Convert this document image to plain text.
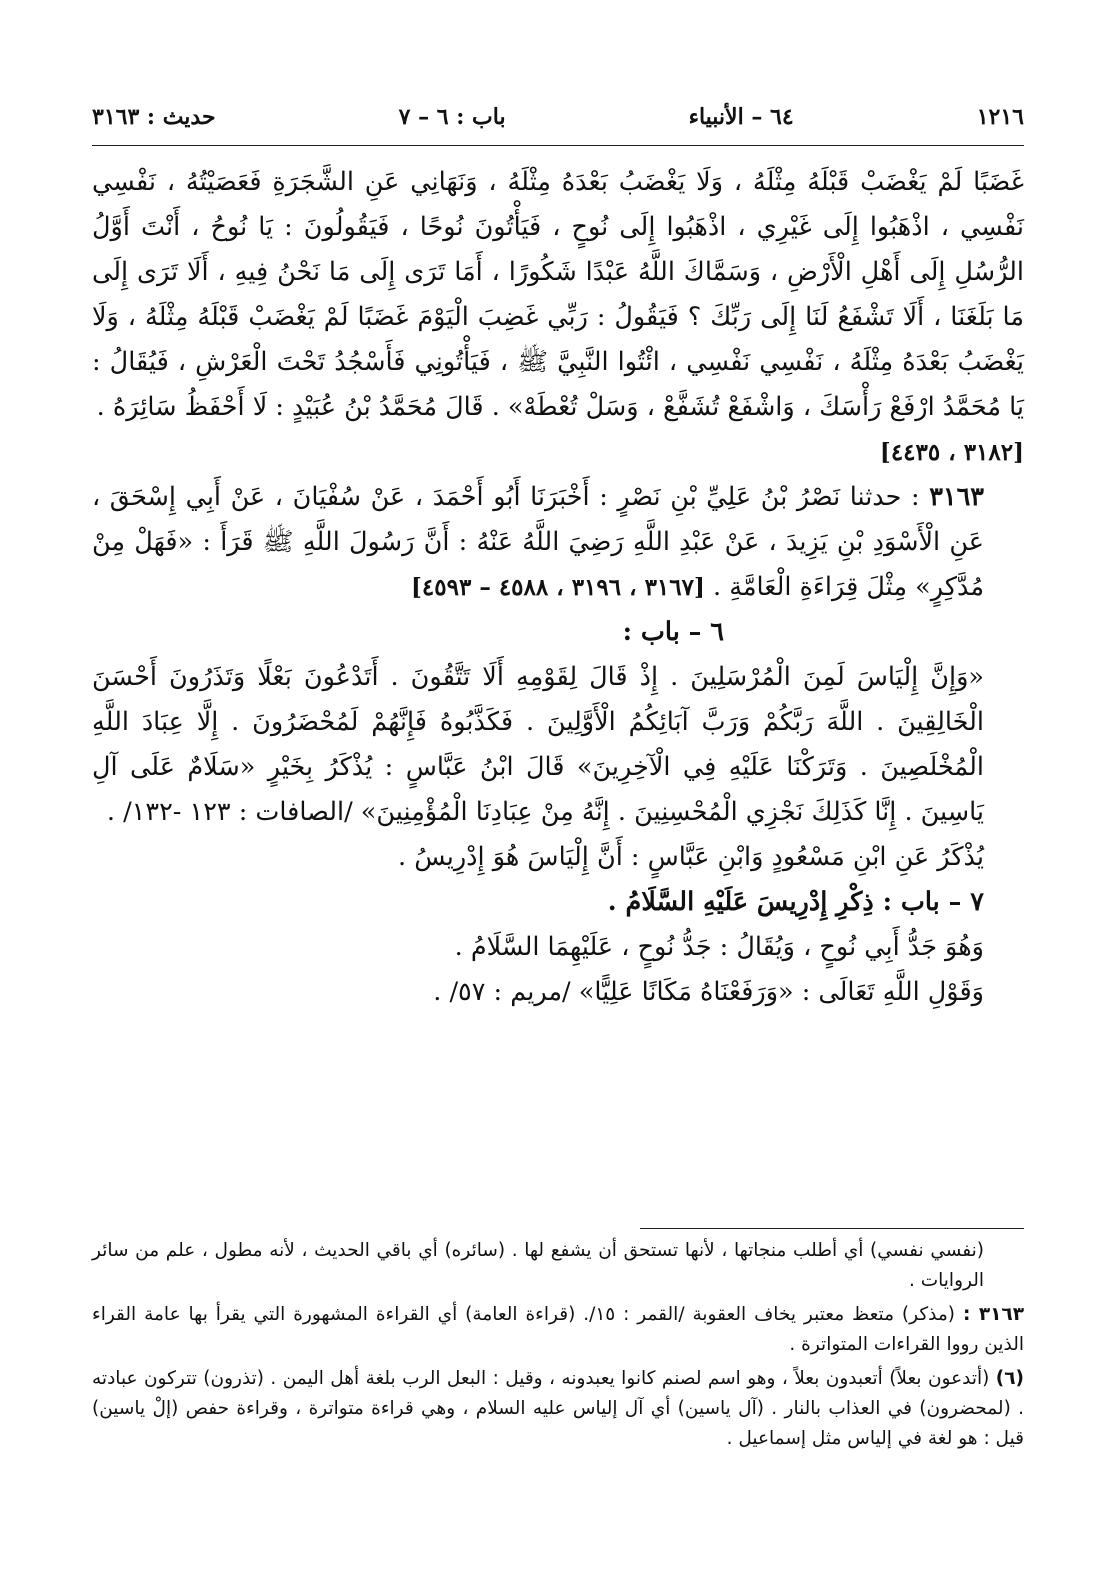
حديث : ٣١٦٣	باب : ٦ – ٧	٦٤ – الأنبياء	١٢١٦

غَضَبًا لَمْ يَغْضَبْ قَبْلَهُ مِثْلَهُ ، وَلَا يَغْضَبُ بَعْدَهُ مِثْلَهُ ، وَنَهَانِي عَنِ الشَّجَرَةِ فَعَصَيْتُهُ ، نَفْسِي نَفْسِي ، اذْهَبُوا إِلَى غَيْرِي ، اذْهَبُوا إِلَى نُوحٍ ، فَيَأْتُونَ نُوحًا ، فَيَقُولُونَ : يَا نُوحُ ، أَنْتَ أَوَّلُ الرُّسُلِ إِلَى أَهْلِ الْأَرْضِ ، وَسَمَّاكَ اللَّهُ عَبْدًا شَكُورًا ، أَمَا تَرَى إِلَى مَا نَحْنُ فِيهِ ، أَلَا تَرَى إِلَى مَا بَلَغَنَا ، أَلَا تَشْفَعُ لَنَا إِلَى رَبِّكَ ؟ فَيَقُولُ : رَبِّي غَضِبَ الْيَوْمَ غَضَبًا لَمْ يَغْضَبْ قَبْلَهُ مِثْلَهُ ، وَلَا يَغْضَبُ بَعْدَهُ مِثْلَهُ ، نَفْسِي نَفْسِي ، ائْتُوا النَّبِيَّ ﷺ ، فَيَأْتُونِي فَأَسْجُدُ تَحْتَ الْعَرْشِ ، فَيُقَالُ : يَا مُحَمَّدُ ارْفَعْ رَأْسَكَ ، وَاشْفَعْ تُشَفَّعْ ، وَسَلْ تُعْطَهْ» . قَالَ مُحَمَّدُ بْنُ عُبَيْدٍ : لَا أَحْفَظُ سَائِرَهُ .

[٣١٨٢ ، ٤٤٣٥]

٣١٦٣ : حدثنا نَصْرُ بْنُ عَلِيِّ بْنِ نَصْرٍ : أَخْبَرَنَا أَبُو أَحْمَدَ ، عَنْ سُفْيَانَ ، عَنْ أَبِي إِسْحَقَ ، عَنِ الْأَسْوَدِ بْنِ يَزِيدَ ، عَنْ عَبْدِ اللَّهِ رَضِيَ اللَّهُ عَنْهُ : أَنَّ رَسُولَ اللَّهِ ﷺ قَرَأَ : «فَهَلْ مِنْ مُدَّكِرٍ» مِثْلَ قِرَاءَةِ الْعَامَّةِ . [٣١٦٧ ، ٣١٩٦ ، ٤٥٨٨ – ٤٥٩٣]

٦ – باب :

«وَإِنَّ إِلْيَاسَ لَمِنَ الْمُرْسَلِينَ . إِذْ قَالَ لِقَوْمِهِ أَلَا تَتَّقُونَ . أَتَدْعُونَ بَعْلًا وَتَذَرُونَ أَحْسَنَ الْخَالِقِينَ . اللَّهَ رَبَّكُمْ وَرَبَّ آبَائِكُمُ الْأَوَّلِينَ . فَكَذَّبُوهُ فَإِنَّهُمْ لَمُحْضَرُونَ . إِلَّا عِبَادَ اللَّهِ الْمُخْلَصِينَ . وَتَرَكْنَا عَلَيْهِ فِي الْآخِرِينَ» قَالَ ابْنُ عَبَّاسٍ : يُذْكَرُ بِخَيْرٍ «سَلَامٌ عَلَى آلِ يَاسِينَ . إِنَّا كَذَلِكَ نَجْزِي الْمُحْسِنِينَ . إِنَّهُ مِنْ عِبَادِنَا الْمُؤْمِنِينَ» /الصافات : ١٢٣ -١٣٢/ .

يُذْكَرُ عَنِ ابْنِ مَسْعُودٍ وَابْنِ عَبَّاسٍ : أَنَّ إِلْيَاسَ هُوَ إِدْرِيسُ .

٧ – باب : ذِكْرِ إِدْرِيسَ عَلَيْهِ السَّلَامُ .

وَهُوَ جَدُّ أَبِي نُوحٍ ، وَيُقَالُ : جَدُّ نُوحٍ ، عَلَيْهِمَا السَّلَامُ .

وَقَوْلِ اللَّهِ تَعَالَى : «وَرَفَعْنَاهُ مَكَانًا عَلِيًّا» /مريم : ٥٧/ .

(نفسي نفسي) أي أطلب منجاتها ، لأنها تستحق أن يشفع لها . (سائره) أي باقي الحديث ، لأنه مطول ، علم من سائر الروايات .

٣١٦٣ : (مذكر) متعظ معتبر يخاف العقوبة /القمر : ١٥/. (قراءة العامة) أي القراءة المشهورة التي يقرأ بها عامة القراء الذين رووا القراءات المتواترة .

(٦) (أتدعون بعلاً) أتعبدون بعلاً ، وهو اسم لصنم كانوا يعبدونه ، وقيل : البعل الرب بلغة أهل اليمن . (تذرون) تتركون عبادته . (لمحضرون) في العذاب بالنار . (آل ياسين) أي آل إلياس عليه السلام ، وهي قراءة متواترة ، وقراءة حفص (إلْ ياسين) قيل : هو لغة في إلياس مثل إسماعيل .
